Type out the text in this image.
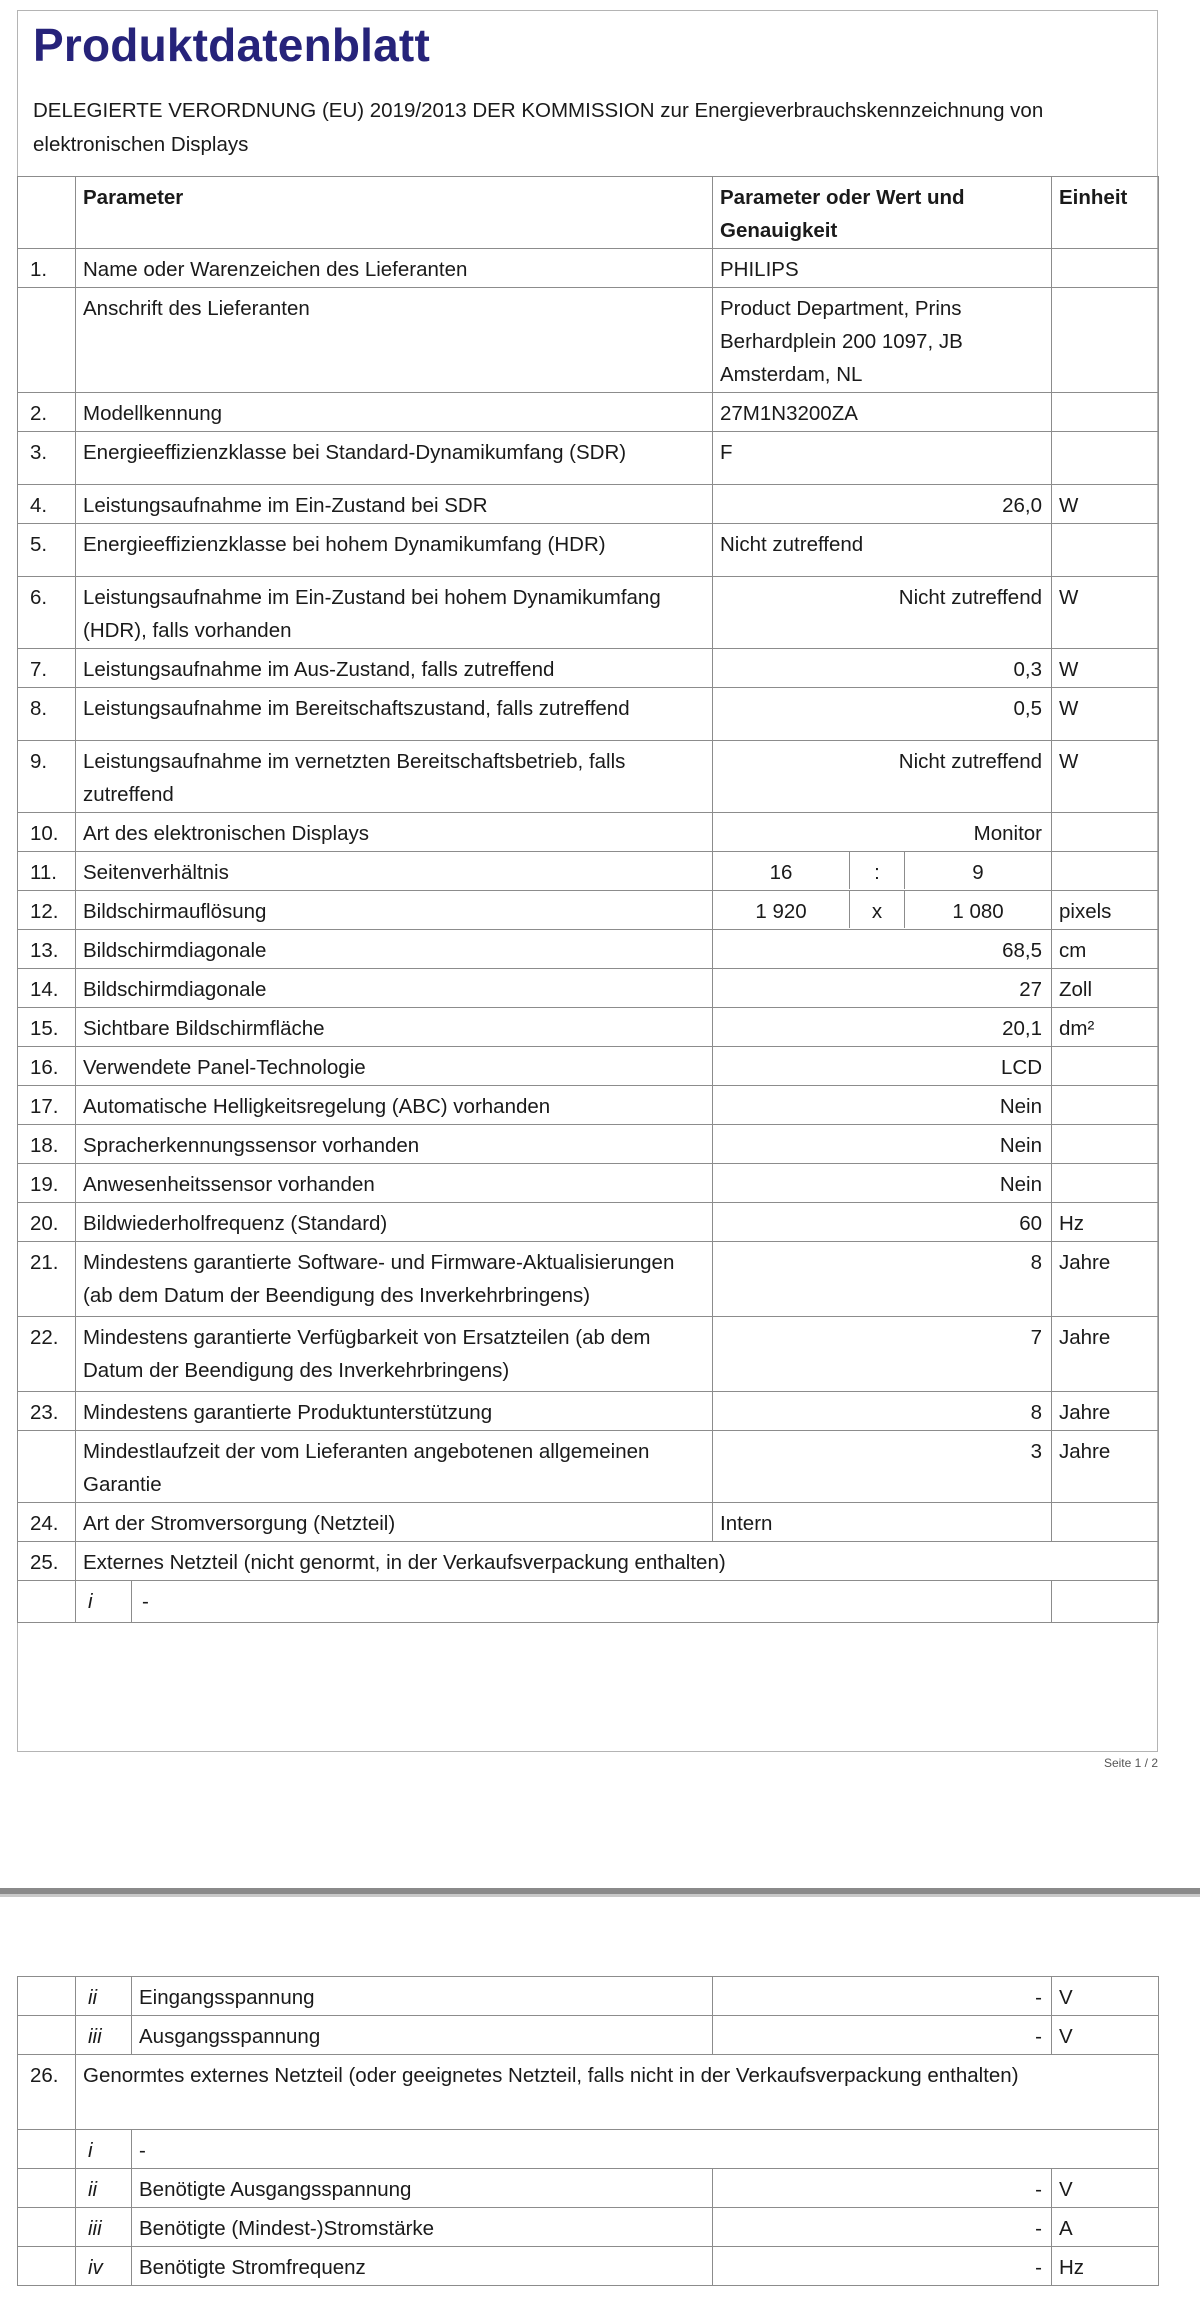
Produktdatenblatt
DELEGIERTE VERORDNUNG (EU) 2019/2013 DER KOMMISSION zur Energieverbrauchskennzeichnung von elektronischen Displays
	Parameter	Parameter oder Wert und Genauigkeit	Einheit
1.	Name oder Warenzeichen des Lieferanten	PHILIPS	
	Anschrift des Lieferanten	Product Department, Prins Berhardplein 200 1097, JB Amsterdam, NL	
2.	Modellkennung	27M1N3200ZA	
3.	Energieeffizienzklasse bei Standard-Dynamikumfang (SDR)	F	
4.	Leistungsaufnahme im Ein-Zustand bei SDR	26,0	W
5.	Energieeffizienzklasse bei hohem Dynamikumfang (HDR)	Nicht zutreffend	
6.	Leistungsaufnahme im Ein-Zustand bei hohem Dynamikumfang (HDR), falls vorhanden	Nicht zutreffend	W
7.	Leistungsaufnahme im Aus-Zustand, falls zutreffend	0,3	W
8.	Leistungsaufnahme im Bereitschaftszustand, falls zutreffend	0,5	W
9.	Leistungsaufnahme im vernetzten Bereitschaftsbetrieb, falls zutreffend	Nicht zutreffend	W
10.	Art des elektronischen Displays	Monitor	
11.	Seitenverhältnis	16 : 9	

12.	Bildschirmauflösung	1 920 x 1 080	pixels
13.	Bildschirmdiagonale	68,5	cm
14.	Bildschirmdiagonale	27	Zoll
15.	Sichtbare Bildschirmfläche	20,1	dm²
16.	Verwendete Panel-Technologie	LCD	
17.	Automatische Helligkeitsregelung (ABC) vorhanden	Nein	
18.	Spracherkennungssensor vorhanden	Nein	
19.	Anwesenheitssensor vorhanden	Nein	
20.	Bildwiederholfrequenz (Standard)	60	Hz
21.	Mindestens garantierte Software- und Firmware-Aktualisierungen (ab dem Datum der Beendigung des Inverkehrbringens)	8	Jahre
22.	Mindestens garantierte Verfügbarkeit von Ersatzteilen (ab dem Datum der Beendigung des Inverkehrbringens)	7	Jahre
23.	Mindestens garantierte Produktunterstützung	8	Jahre
	Mindestlaufzeit der vom Lieferanten angebotenen allgemeinen Garantie	3	Jahre
24.	Art der Stromversorgung (Netzteil)	Intern	
25.	Externes Netzteil (nicht genormt, in der Verkaufsverpackung enthalten)		

	i -		

Seite 1 / 2
	ii	Eingangsspannung	-	V
	iii	Ausgangsspannung	-	V
26.	Genormtes externes Netzteil (oder geeignetes Netzteil, falls nicht in der Verkaufsverpackung enthalten)			
	i	-		
	ii	Benötigte Ausgangsspannung	-	V
	iii	Benötigte (Mindest-)Stromstärke	-	A
	iv	Benötigte Stromfrequenz	-	Hz
